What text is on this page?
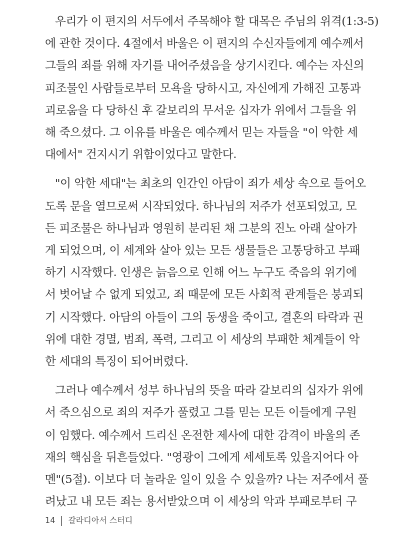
우리가 이 편지의 서두에서 주목해야 할 대목은 주님의 위격(1:3-5)
에 관한 것이다. 4절에서 바울은 이 편지의 수신자들에게 예수께서
그들의 죄를 위해 자기를 내어주셨음을 상기시킨다. 예수는 자신의
피조물인 사람들로부터 모욕을 당하시고, 자신에게 가해진 고통과
괴로움을 다 당하신 후 갈보리의 무서운 십자가 위에서 그들을 위
해 죽으셨다. 그 이유를 바울은 예수께서 믿는 자들을 "이 악한 세
대에서" 건지시기 위함이었다고 말한다.
"이 악한 세대"는 최초의 인간인 아담이 죄가 세상 속으로 들어오
도록 문을 열므로써 시작되었다. 하나님의 저주가 선포되었고, 모
든 피조물은 하나님과 영원히 분리된 채 그분의 진노 아래 살아가
게 되었으며, 이 세계와 살아 있는 모든 생물들은 고통당하고 부패
하기 시작했다. 인생은 늙음으로 인해 어느 누구도 죽음의 위기에
서 벗어날 수 없게 되었고, 죄 때문에 모든 사회적 관계들은 붕괴되
기 시작했다. 아담의 아들이 그의 동생을 죽이고, 결혼의 타락과 권
위에 대한 경멸, 범죄, 폭력, 그리고 이 세상의 부패한 체계들이 악
한 세대의 특징이 되어버렸다.
그러나 예수께서 성부 하나님의 뜻을 따라 갈보리의 십자가 위에
서 죽으심으로 죄의 저주가 풀렸고 그를 믿는 모든 이들에게 구원
이 임했다. 예수께서 드리신 온전한 제사에 대한 감격이 바울의 존
재의 핵심을 뒤흔들었다. "영광이 그에게 세세토록 있을지어다 아
멘"(5절). 이보다 더 놀라운 일이 있을 수 있을까? 나는 저주에서 풀
려났고 내 모든 죄는 용서받았으며 이 세상의 악과 부패로부터 구
14 갈라디아서 스터디
